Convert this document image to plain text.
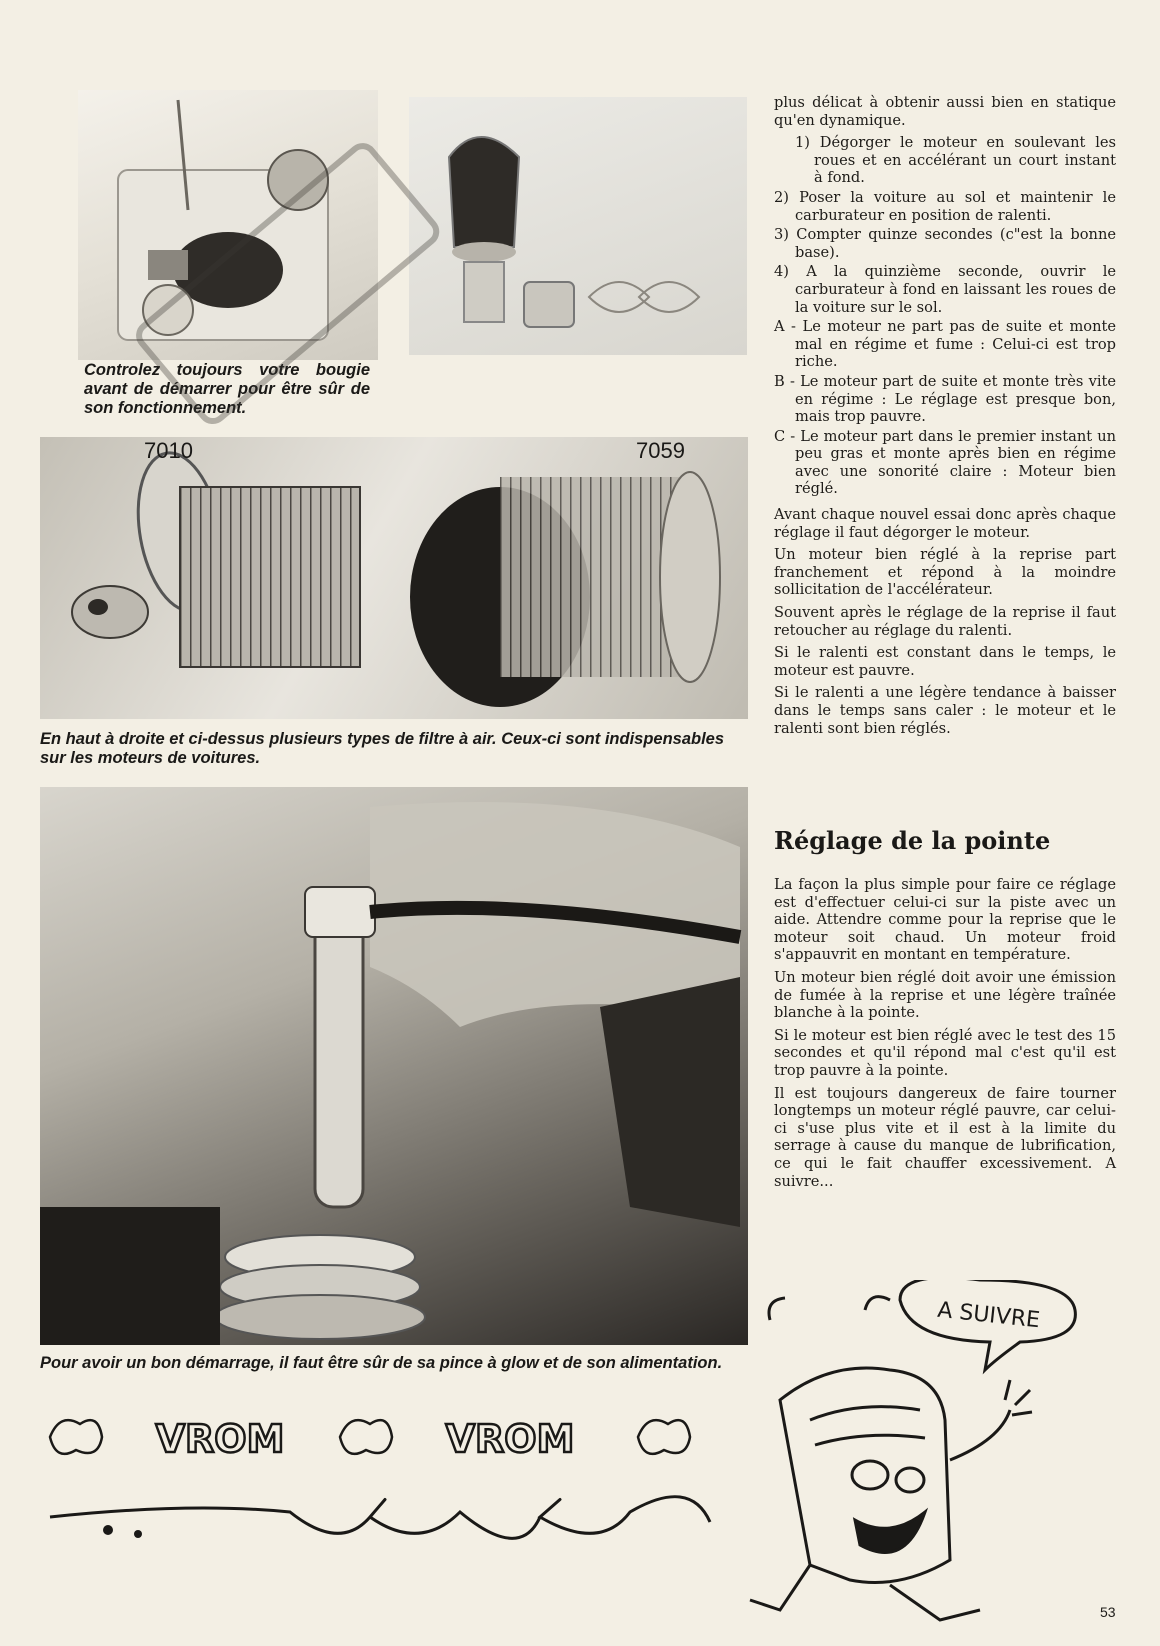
Controlez toujours votre bougie avant de démarrer pour être sûr de son fonctionnement.
7010	7059
En haut à droite et ci-dessus plusieurs types de filtre à air. Ceux-ci sont indispensables sur les moteurs de voitures.
Pour avoir un bon démarrage, il faut être sûr de sa pince à glow et de son alimentation.

plus délicat à obtenir aussi bien en statique qu'en dynamique.

1) Dégorger le moteur en soulevant les roues et en accélérant un court instant à fond.
2) Poser la voiture au sol et maintenir le carburateur en position de ralenti.
3) Compter quinze secondes (c"est la bonne base).
4) A la quinzième seconde, ouvrir le carburateur à fond en laissant les roues de la voiture sur le sol.
A - Le moteur ne part pas de suite et monte mal en régime et fume : Celui-ci est trop riche.
B - Le moteur part de suite et monte très vite en régime : Le réglage est presque bon, mais trop pauvre.
C - Le moteur part dans le premier instant un peu gras et monte après bien en régime avec une sonorité claire : Moteur bien réglé.

Avant chaque nouvel essai donc après chaque réglage il faut dégorger le moteur.

Un moteur bien réglé à la reprise part franchement et répond à la moindre sollicitation de l'accélérateur.

Souvent après le réglage de la reprise il faut retoucher au réglage du ralenti.

Si le ralenti est constant dans le temps, le moteur est pauvre.

Si le ralenti a une légère tendance à baisser dans le temps sans caler : le moteur et le ralenti sont bien réglés.

Réglage de la pointe

La façon la plus simple pour faire ce réglage est d'effectuer celui-ci sur la piste avec un aide. Attendre comme pour la reprise que le moteur soit chaud. Un moteur froid s'appauvrit en montant en température.

Un moteur bien réglé doit avoir une émission de fumée à la reprise et une légère traînée blanche à la pointe.

Si le moteur est bien réglé avec le test des 15 secondes et qu'il répond mal c'est qu'il est trop pauvre à la pointe.

Il est toujours dangereux de faire tourner longtemps un moteur réglé pauvre, car celui-ci s'use plus vite et il est à la limite du serrage à cause du manque de lubrification, ce qui le fait chauffer excessivement. A suivre...

VROM	VROM
A SUIVRE
53
